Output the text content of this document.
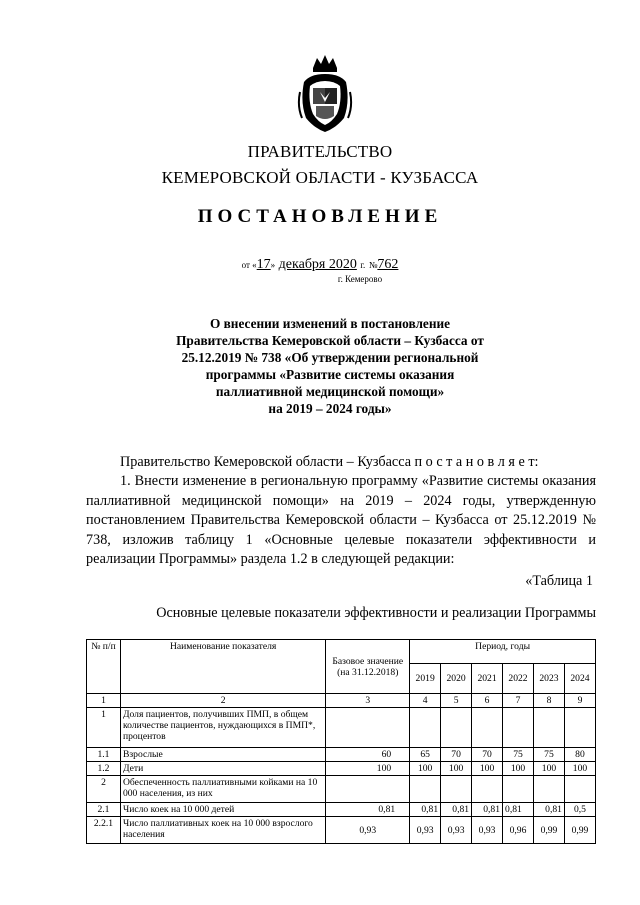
ПРАВИТЕЛЬСТВО
КЕМЕРОВСКОЙ ОБЛАСТИ - КУЗБАССА
ПОСТАНОВЛЕНИЕ
от «17» декабря 2020 г. №762
г. Кемерово
О внесении изменений в постановление
Правительства Кемеровской области – Кузбасса от
25.12.2019 № 738 «Об утверждении региональной
программы «Развитие системы оказания
паллиативной медицинской помощи»
на 2019 – 2024 годы»
Правительство Кемеровской области – Кузбасса п о с т а н о в л я е т:
1. Внести изменение в региональную программу «Развитие системы оказания паллиативной медицинской помощи» на 2019 – 2024 годы, утвержденную постановлением Правительства Кемеровской области – Кузбасса от 25.12.2019 № 738, изложив таблицу 1 «Основные целевые показатели эффективности и реализации Программы» раздела 1.2 в следующей редакции:
«Таблица 1
Основные целевые показатели эффективности и реализации Программы
№ п/п	Наименование показателя	Базовое значение (на 31.12.2018)	Период, годы					
			2019	2020	2021	2022	2023	2024
1	2	3	4	5	6	7	8	9
1	Доля пациентов, получивших ПМП, в общем количестве пациентов, нуждающихся в ПМП*, процентов							
1.1	Взрослые	60	65	70	70	75	75	80
1.2	Дети	100	100	100	100	100	100	100
2	Обеспеченность паллиативными койками на 10 000 населения, из них							
2.1	Число коек на 10 000 детей	0,81	0,81	0,81	0,81	0,81	0,81	0,5
2.2.1	Число паллиативных коек на 10 000 взрослого населения	0,93	0,93	0,93	0,93	0,96	0,99	0,99
